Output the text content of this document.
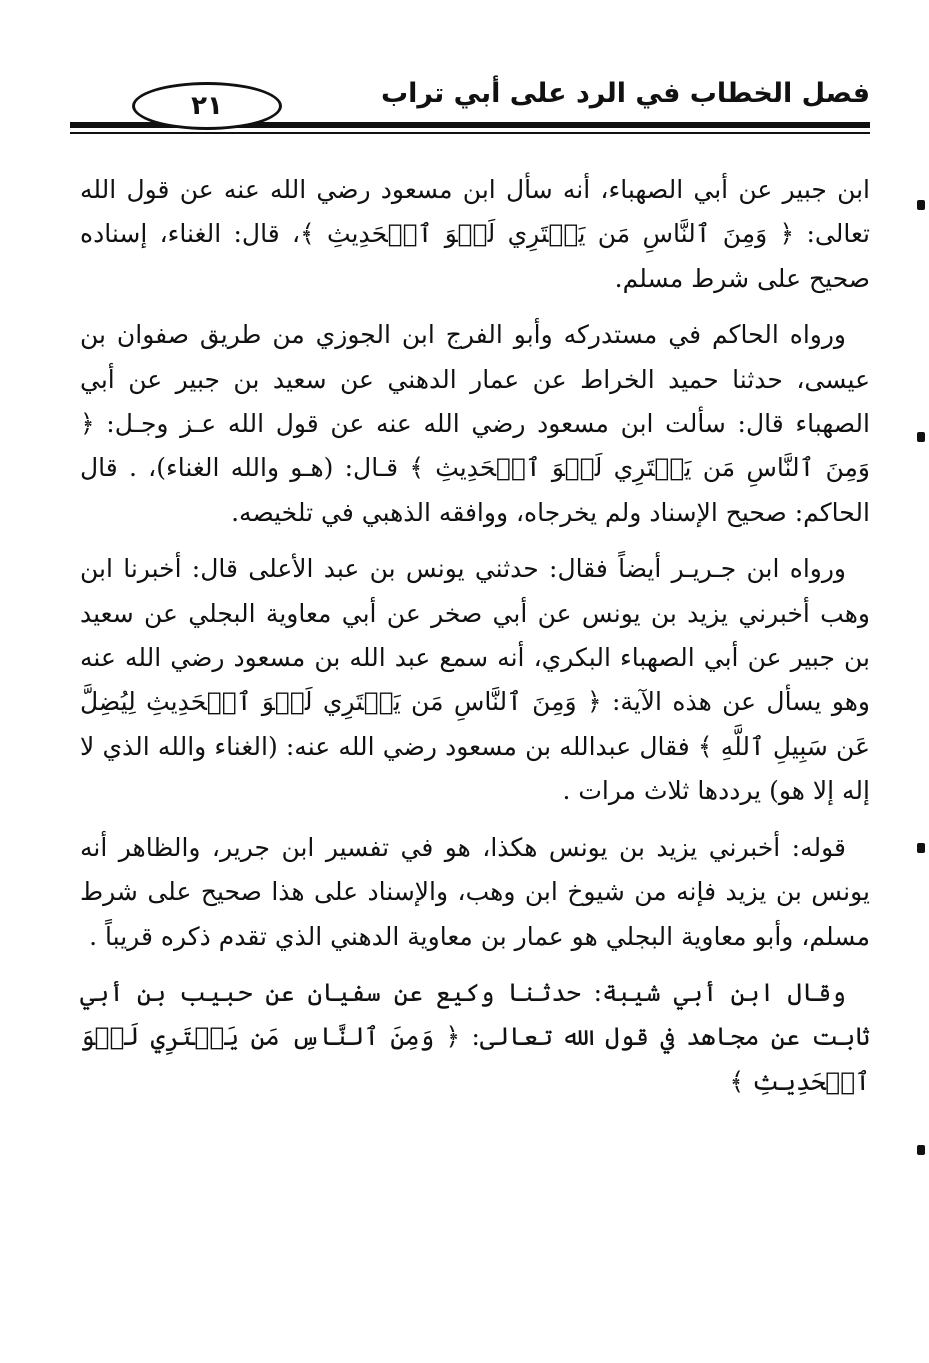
فصل الخطاب في الرد على أبي تراب
٢١

ابن جبير عن أبي الصهباء، أنه سأل ابن مسعود رضي الله عنه عن قول الله تعالى: ﴿ وَمِنَ ٱلنَّاسِ مَن يَشۡتَرِي لَهۡوَ ٱلۡحَدِيثِ ﴾، قال: الغناء، إسناده صحيح على شرط مسلم.

ورواه الحاكم في مستدركه وأبو الفرج ابن الجوزي من طريق صفوان بن عيسى، حدثنا حميد الخراط عن عمار الدهني عن سعيد بن جبير عن أبي الصهباء قال: سألت ابن مسعود رضي الله عنه عن قول الله عـز وجـل: ﴿ وَمِنَ ٱلنَّاسِ مَن يَشۡتَرِي لَهۡوَ ٱلۡحَدِيثِ ﴾ قـال: (هـو والله الغناء)، . قال الحاكم: صحيح الإسناد ولم يخرجاه، ووافقه الذهبي في تلخيصه.

ورواه ابن جـريـر أيضاً فقال: حدثني يونس بن عبد الأعلى قال: أخبرنا ابن وهب أخبرني يزيد بن يونس عن أبي صخر عن أبي معاوية البجلي عن سعيد بن جبير عن أبي الصهباء البكري، أنه سمع عبد الله بن مسعود رضي الله عنه وهو يسأل عن هذه الآية: ﴿ وَمِنَ ٱلنَّاسِ مَن يَشۡتَرِي لَهۡوَ ٱلۡحَدِيثِ لِيُضِلَّ عَن سَبِيلِ ٱللَّهِ ﴾ فقال عبدالله بن مسعود رضي الله عنه: (الغناء والله الذي لا إله إلا هو) يرددها ثلاث مرات .

قوله: أخبرني يزيد بن يونس هكذا، هو في تفسير ابن جرير، والظاهر أنه يونس بن يزيد فإنه من شيوخ ابن وهب، والإسناد على هذا صحيح على شرط مسلم، وأبو معاوية البجلي هو عمار بن معاوية الدهني الذي تقدم ذكره قريباً .

وقال ابن أبي شيبة: حدثنا وكيع عن سفيان عن حبيب بن أبي ثابت عن مجاهد في قول الله تعالى: ﴿ وَمِنَ ٱلنَّاسِ مَن يَشۡتَرِي لَهۡوَ ٱلۡحَدِيثِ ﴾
